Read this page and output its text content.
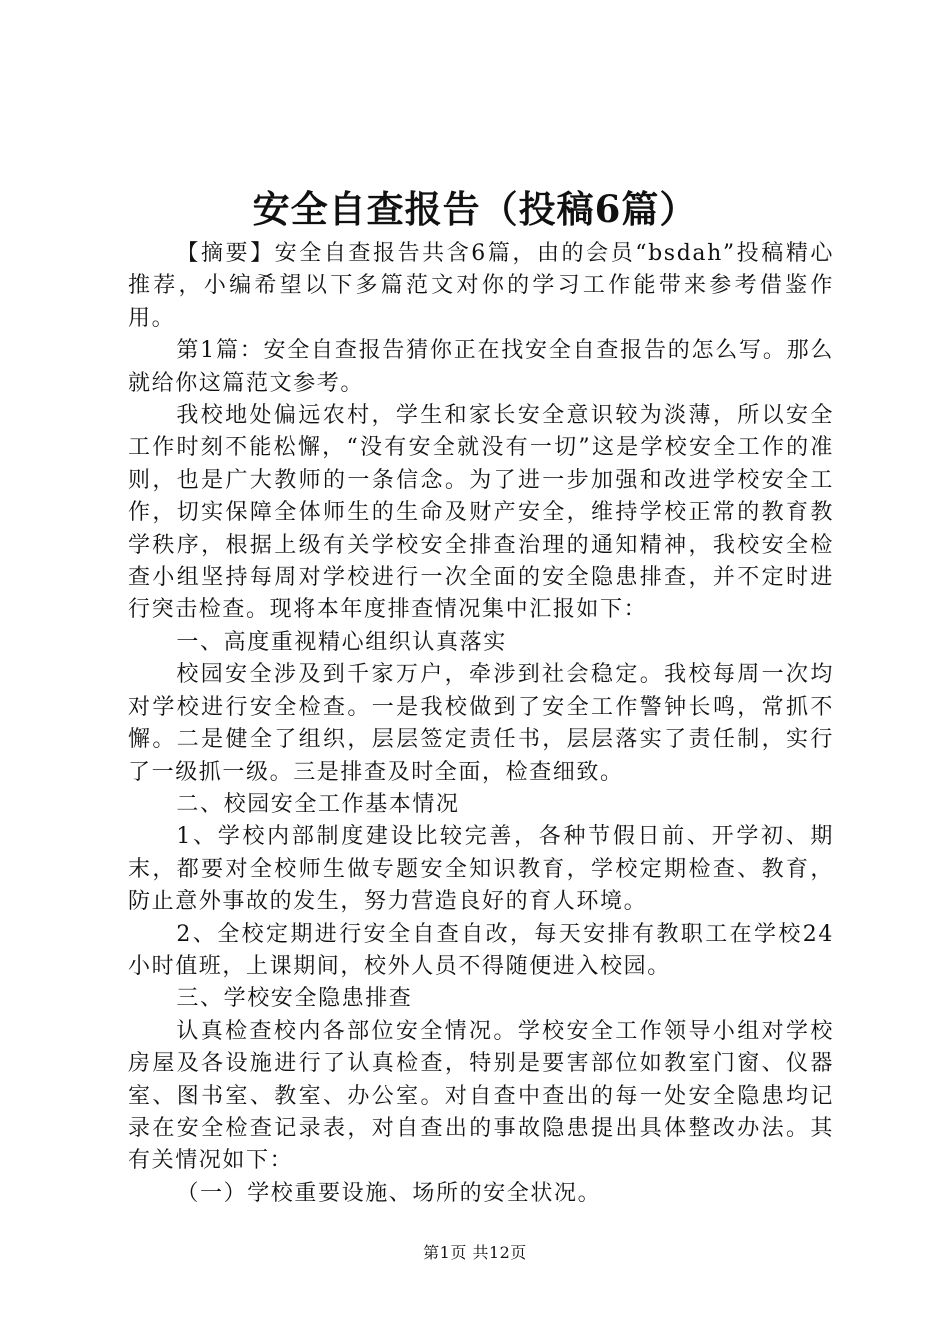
安全自查报告（投稿6篇）

【摘要】安全自查报告共含6篇，由的会员“bsdah”投稿精心推荐，小编希望以下多篇范文对你的学习工作能带来参考借鉴作用。

第1篇：安全自查报告猜你正在找安全自查报告的怎么写。那么就给你这篇范文参考。

我校地处偏远农村，学生和家长安全意识较为淡薄，所以安全工作时刻不能松懈，“没有安全就没有一切”这是学校安全工作的准则，也是广大教师的一条信念。为了进一步加强和改进学校安全工作，切实保障全体师生的生命及财产安全，维持学校正常的教育教学秩序，根据上级有关学校安全排查治理的通知精神，我校安全检查小组坚持每周对学校进行一次全面的安全隐患排查，并不定时进行突击检查。现将本年度排查情况集中汇报如下：

一、高度重视精心组织认真落实

校园安全涉及到千家万户，牵涉到社会稳定。我校每周一次均对学校进行安全检查。一是我校做到了安全工作警钟长鸣，常抓不懈。二是健全了组织，层层签定责任书，层层落实了责任制，实行了一级抓一级。三是排查及时全面，检查细致。

二、校园安全工作基本情况

1、学校内部制度建设比较完善，各种节假日前、开学初、期末，都要对全校师生做专题安全知识教育，学校定期检查、教育，防止意外事故的发生，努力营造良好的育人环境。

2、全校定期进行安全自查自改，每天安排有教职工在学校24小时值班，上课期间，校外人员不得随便进入校园。

三、学校安全隐患排查

认真检查校内各部位安全情况。学校安全工作领导小组对学校房屋及各设施进行了认真检查，特别是要害部位如教室门窗、仪器室、图书室、教室、办公室。对自查中查出的每一处安全隐患均记录在安全检查记录表，对自查出的事故隐患提出具体整改办法。其有关情况如下：

（一）学校重要设施、场所的安全状况。

第1页 共12页
